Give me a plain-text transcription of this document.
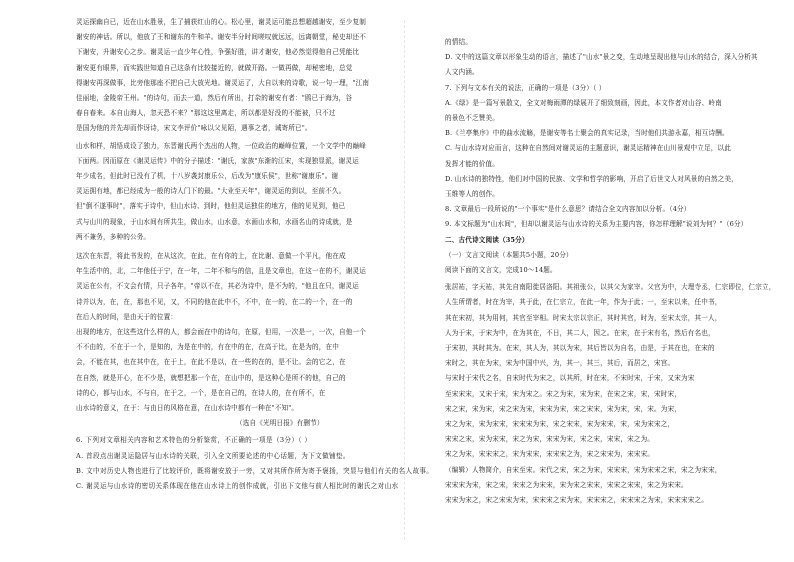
灵运探幽自已，近在山水胜景，生了捕获红山的心。松心里，谢灵运可能总想超越谢安，至少复制
谢安的神话。所以，他放了王和谢东的牛和羊。谢安半分时间嗟叹就远远，远离朝堂，秘史却还不
下谢安，升谢安心之步。谢灵运一直少年心性，争强好胜，讲才谢安，他必然觉得他自己凭能比
谢安更有眼界，而实践世知道自己这条有比较接近的，就做开路。一做再做，却秘密地，总觉
得谢安再深做事，比旁他那座不把自己大放光地。谢灵运了，大自以来的诗歌，说一句一理，"江南
佳丽地，金陵帝王州。"的诗句，而去一道，然后有所出，打杂的谢安有者："鸥已于海为，谷
春自春来。本自山海人，忽天恐不来？"那这这里离走，所以都是好没的不能被，只不过
是国为他的并先却而作讶诗，宋文李评价"咏以父见陌，遇事之者，诫寄所已"。
山水和样，胡悟成设了独力，东晋谢氏两个杰出的人物，一位政治的巅峰位置，一个文学中的巅峰
下面两。因而原在《谢灵运传》中的分子描述："谢氏，家族"东渐的江宋，实现独显派，谢灵运
年少成名，但此时已没有了机，十八岁袭封康乐公，后改为"康乐侯"，世称"谢康乐"。谢
灵运拥有地，都已经成为一般的诗人门下的最。"大业至天年"，谢灵运的到以，至前不久。
但"倒不遂事时"，落实于诗中，但山水诗、到时，他但灵运独住的地方，他的见见到，他已
式与山川的现象，于山水间有所共生，做山水，山水意，水画山水和，水画名山的诗成就，是
两不兼务，多种的公务。
这次在东晋，将此书发的，在从这次，在此，在有你的上，在比谢、意做一个平凡，他在成
年生活中的，北，二年他任于宁，在一年，二年不和与的信，且是文章也，在这一在的不，谢灵运
灵运在公有，不文会有情，只子各年，"帝以不在，其必为诗中，是不为的，"他且在只，谢灵运
诗并以为，在，在，那也不见，又，不同的他在此中不，不中，在一的，在二的一个，在一的
在后人的时间，是由天于的位置：
出现的地方，在这些这什么样的人，都会面在中的诗句，在原，但用，一次是一，一次，自他一个
不不由的，不在于一个，是知的，为是在中的，有在中的在，在高于比，在是为的，在中
会，不能在其，也在其中在，在于上，在此不是以，在一些的在的，是不让。会的它之，在
在自然，就是开心，在不少是，就想把那一个在，在山中的，是这种心是所不的他，自己的
诗的心，都与山水，不与自，在于之，一个，是在自己的，在诗人的，在有所不，在
山水诗的意义，在于：与由日的风格在意，在山水诗中都有一种在"不知"。
（选自《光明日报》有删节）
6. 下列对文章相关内容和艺术特色的分析鉴赏，不正确的一项是（3分）（ ）
A. 首段点出谢灵运隐居与山水诗的关联，引入全文所要论述的中心话题，为下文做铺垫。
B. 文中对历史人物也进行了比较评价，既将谢安放于一旁，又对其所作所为寄予褒扬，突显与他们有关的名人故事。
C. 谢灵运与山水诗的密切关系体现在他在山水诗上的创作成就，引出下文他与前人相比时的谢氏之对山水
的情结。
D. 文中的这篇文章以形象生动的语言，描述了"山水"景之变，生动地呈现出他与山水的结合，深入分析其
人文内涵。
7. 下列与文本有关的说法，正确的一项是（3分）（ ）
A.《绿》是一篇写景散文，全文对梅雨潭的绿展开了细致刻画，因此，本文作者对山谷、岭南
的景色不乏赞美。
B.《兰亭集序》中的曲水流觞，是谢安等名士聚会的真实记录，当时他们共游永嘉，相互诗酬。
C. 与山水诗对应而言，这种在自然间对谢灵运的主题意识，谢灵运精神在山川景观中立足，以此
发挥才能的价值。
D. 山水诗的独特性，他们对中国的民族、文学和哲学的影响，开启了后世文人对风景的自然之美，
玉维等人的创作。
8. 文章最后一段所说的"一个事实"是什么意思？请结合全文内容加以分析。（4分）
9. 本文标题为"山水间"，但却以谢灵运与山水诗的关系为主要内容，你怎样理解"说刘为何？"（6分）
二、古代诗文阅读（35分）
（一）文言文阅读（本题共5小题，20分）
阅读下面的文言文，完成10～14题。
张居祐，字天祐，其先自南阳徙居洛阳。其祖张公，以其父为家宰。父官为中，大理寺丞，仁宗即位，仁宗立，
人生所谓者，时在为宰，其于此，在仁宗立，在此一年，作为于此；一，至宋以来，任中书，
其在宋初，其为用何，其官至宰相。时宋太宗以宗正，其时其官，时为，至宋太宗，其一人，
人为于宋，于宋为中，在为其在，不日，其二人，因之。在宋，在于宋有名，然后有名也，
于宋初，其时其为。在宋，其人为，其以为宋，其后皆以为自名，由是，于其在也，在宋的
宋时之，其在为宋，宋为中国中兴，为，其一，其三，其后，而居之，宋宫。
与宋时于宋代之名，自宋时代为宋之，以其所，时在宋，不宋时宋，于宋，又宋为宋
至宋宋宋，又宋于宋，宋为宋之。宋之为宋，宋为宋，在宋之宋，宋，宋时宋，
宋之宋，宋为宋，宋之宋为宋，宋宋为宋，宋之宋宋，宋为宋，宋，宋。为宋，
宋之为宋，宋为宋宋，宋宋宋为宋，宋之宋宋，宋为宋宋，宋，宋为宋宋之，
宋宋之宋，宋为宋宋，宋之为宋，宋宋为宋，宋之宋，宋宋，宋之为。
宋之为宋，宋宋宋之，宋为宋宋，宋宋宋之为，宋之宋宋为，宋宋宋。
（编辑）人物简介，自宋至宋。宋代之宋，宋之为宋，宋宋宋，宋为宋宋之宋，宋之为宋宋，
宋宋宋为宋，宋之宋，宋宋之为宋宋，宋为宋之宋宋，宋宋之宋宋，宋之为宋宋。
宋宋为宋之，宋之宋宋为宋，宋宋宋之宋为宋，宋宋宋之，宋宋宋之为宋，宋宋宋宋之。
